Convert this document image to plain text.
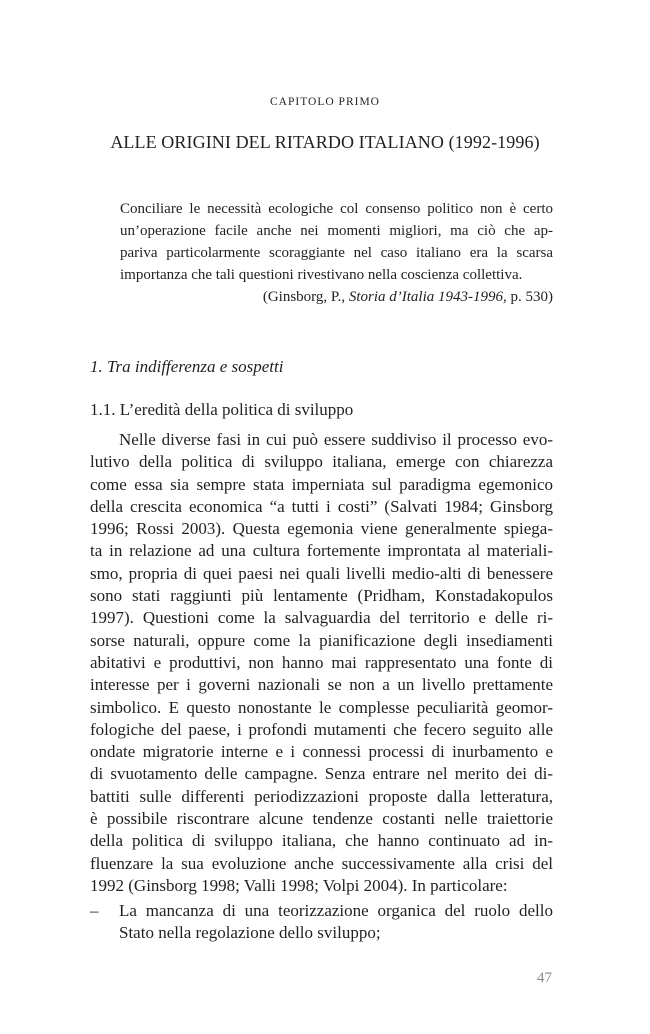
CAPITOLO PRIMO
ALLE ORIGINI DEL RITARDO ITALIANO (1992-1996)
Conciliare le necessità ecologiche col consenso politico non è certo
un’operazione facile anche nei momenti migliori, ma ciò che ap-
pariva particolarmente scoraggiante nel caso italiano era la scarsa
importanza che tali questioni rivestivano nella coscienza collettiva.
(Ginsborg, P., Storia d’Italia 1943-1996, p. 530)
1. Tra indifferenza e sospetti
1.1. L’eredità della politica di sviluppo
Nelle diverse fasi in cui può essere suddiviso il processo evo-
lutivo della politica di sviluppo italiana, emerge con chiarezza
come essa sia sempre stata imperniata sul paradigma egemonico
della crescita economica “a tutti i costi” (Salvati 1984; Ginsborg
1996; Rossi 2003). Questa egemonia viene generalmente spiega-
ta in relazione ad una cultura fortemente improntata al materiali-
smo, propria di quei paesi nei quali livelli medio-alti di benessere
sono stati raggiunti più lentamente (Pridham, Konstadakopulos
1997). Questioni come la salvaguardia del territorio e delle ri-
sorse naturali, oppure come la pianificazione degli insediamenti
abitativi e produttivi, non hanno mai rappresentato una fonte di
interesse per i governi nazionali se non a un livello prettamente
simbolico. E questo nonostante le complesse peculiarità geomor-
fologiche del paese, i profondi mutamenti che fecero seguito alle
ondate migratorie interne e i connessi processi di inurbamento e
di svuotamento delle campagne. Senza entrare nel merito dei di-
battiti sulle differenti periodizzazioni proposte dalla letteratura,
è possibile riscontrare alcune tendenze costanti nelle traiettorie
della politica di sviluppo italiana, che hanno continuato ad in-
fluenzare la sua evoluzione anche successivamente alla crisi del
1992 (Ginsborg 1998; Valli 1998; Volpi 2004). In particolare:
– La mancanza di una teorizzazione organica del ruolo dello
Stato nella regolazione dello sviluppo;
47
